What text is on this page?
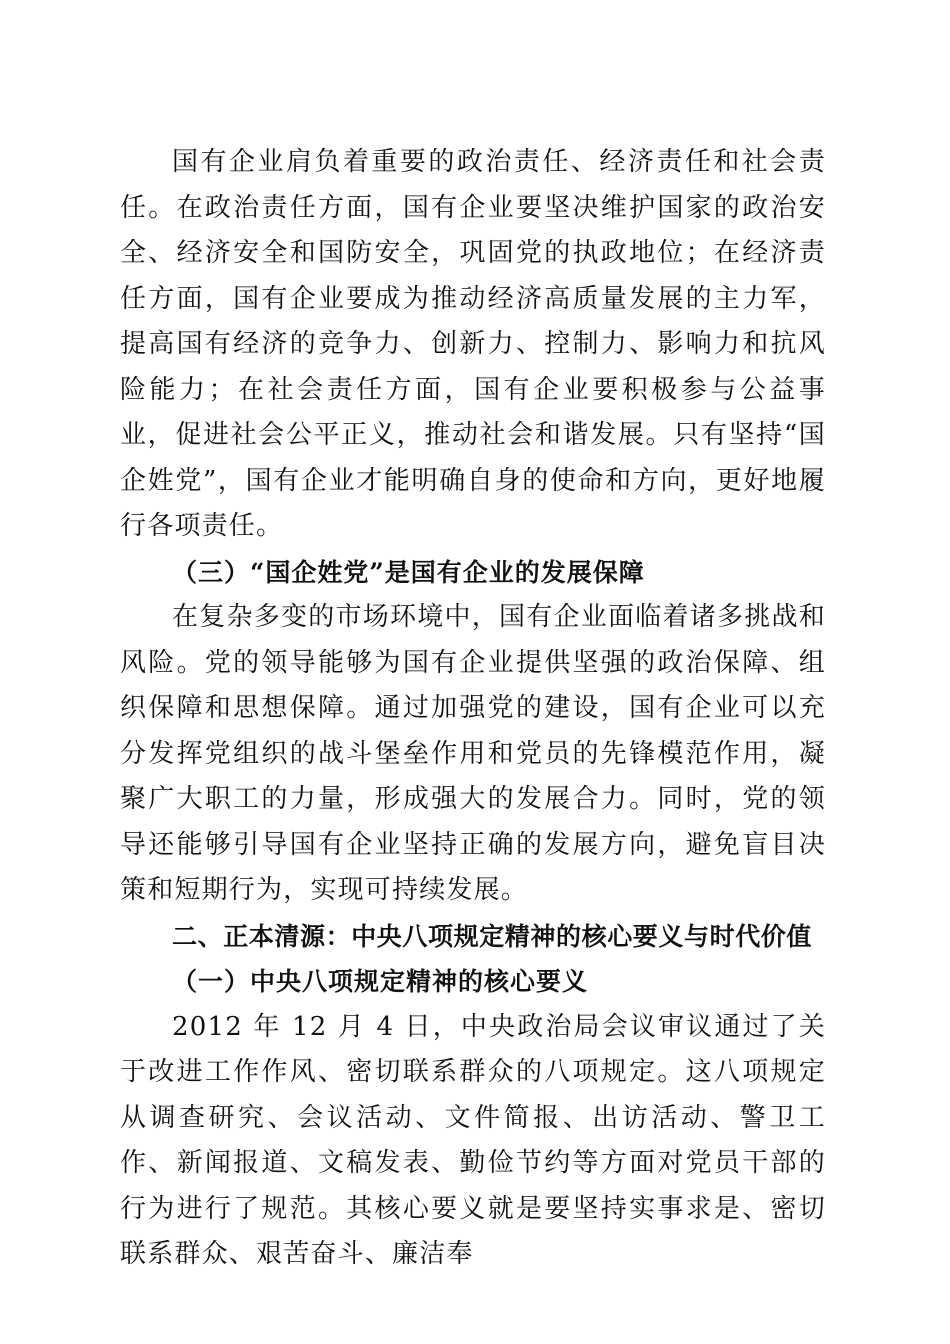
国有企业肩负着重要的政治责任、经济责任和社会责任。在政治责任方面，国有企业要坚决维护国家的政治安全、经济安全和国防安全，巩固党的执政地位；在经济责任方面，国有企业要成为推动经济高质量发展的主力军，提高国有经济的竞争力、创新力、控制力、影响力和抗风险能力；在社会责任方面，国有企业要积极参与公益事业，促进社会公平正义，推动社会和谐发展。只有坚持“国企姓党”，国有企业才能明确自身的使命和方向，更好地履行各项责任。

（三）“国企姓党”是国有企业的发展保障

在复杂多变的市场环境中，国有企业面临着诸多挑战和风险。党的领导能够为国有企业提供坚强的政治保障、组织保障和思想保障。通过加强党的建设，国有企业可以充分发挥党组织的战斗堡垒作用和党员的先锋模范作用，凝聚广大职工的力量，形成强大的发展合力。同时，党的领导还能够引导国有企业坚持正确的发展方向，避免盲目决策和短期行为，实现可持续发展。

二、正本清源：中央八项规定精神的核心要义与时代价值

（一）中央八项规定精神的核心要义

2012 年 12 月 4 日，中央政治局会议审议通过了关于改进工作作风、密切联系群众的八项规定。这八项规定从调查研究、会议活动、文件简报、出访活动、警卫工作、新闻报道、文稿发表、勤俭节约等方面对党员干部的行为进行了规范。其核心要义就是要坚持实事求是、密切联系群众、艰苦奋斗、廉洁奉
